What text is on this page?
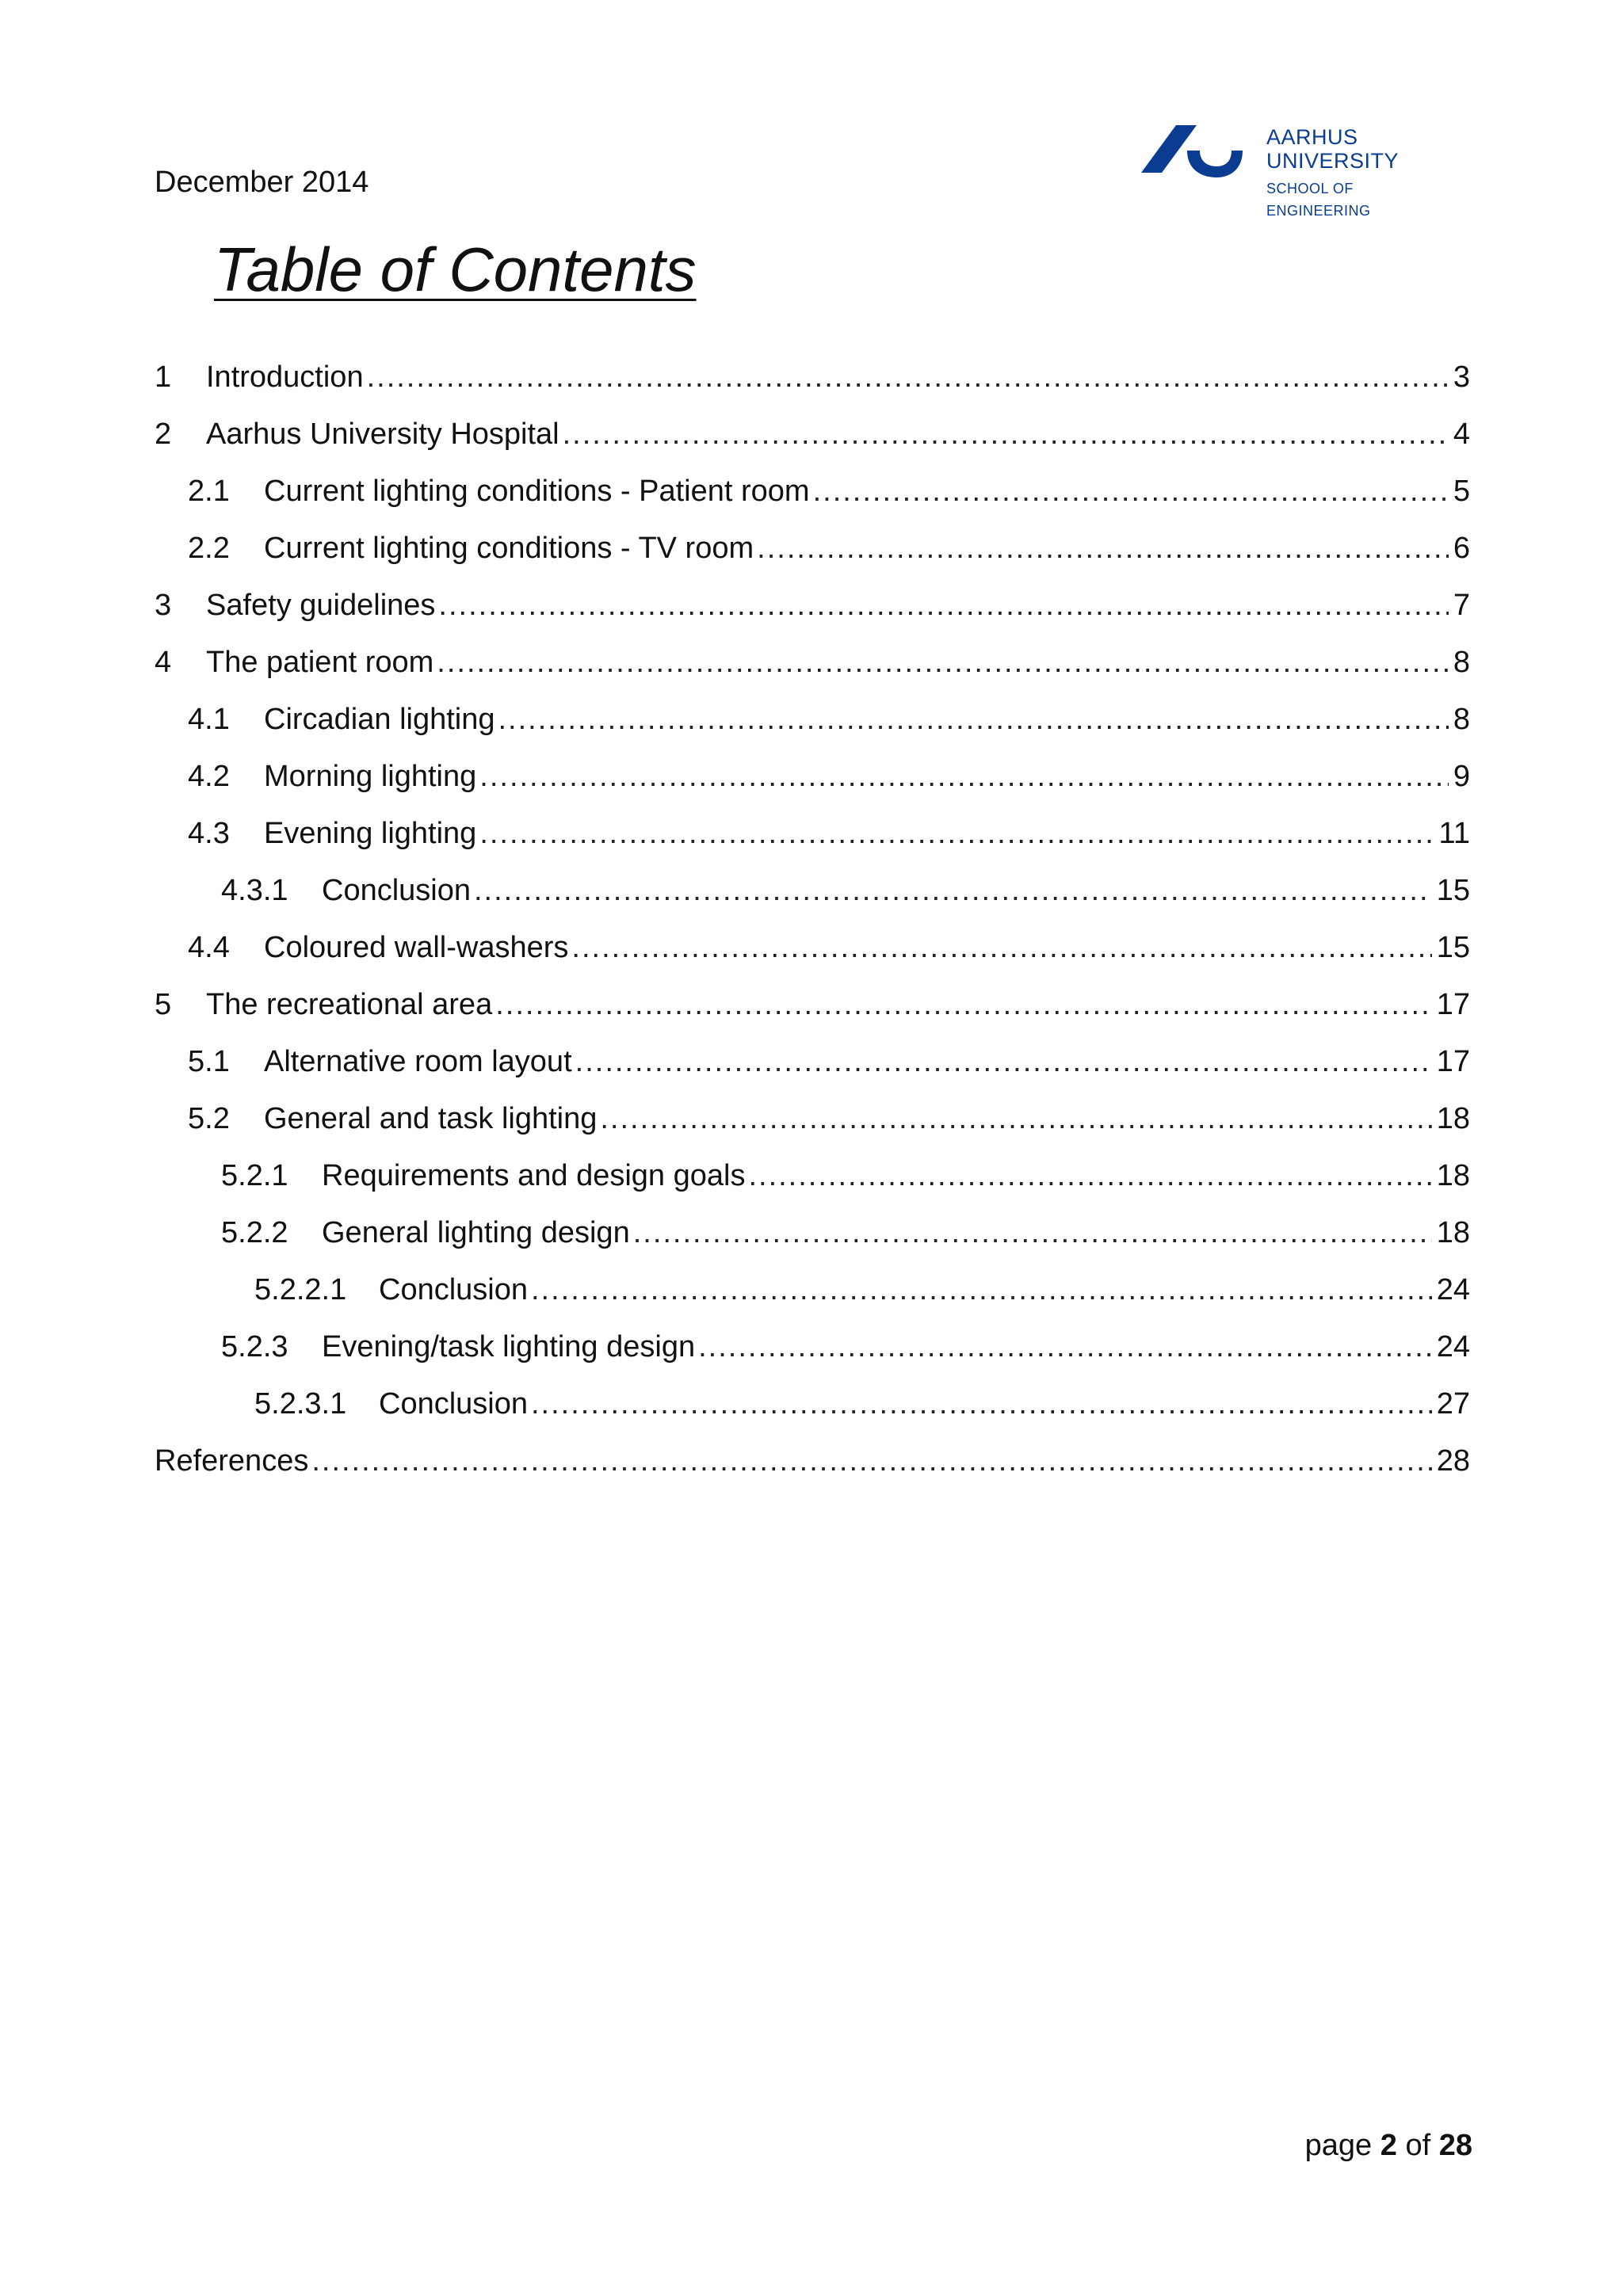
December 2014
AARHUS
UNIVERSITY
SCHOOL OF ENGINEERING
Table of Contents
1	Introduction .....	3
2	Aarhus University Hospital .....	4
2.1	Current lighting conditions - Patient room .....	5
2.2	Current lighting conditions - TV room .....	6
3	Safety guidelines .....	7
4	The patient room .....	8
4.1	Circadian lighting .....	8
4.2	Morning lighting .....	9
4.3	Evening lighting .....	11
4.3.1	Conclusion .....	15
4.4	Coloured wall-washers .....	15
5	The recreational area .....	17
5.1	Alternative room layout .....	17
5.2	General and task lighting .....	18
5.2.1	Requirements and design goals .....	18
5.2.2	General lighting design .....	18
5.2.2.1	Conclusion .....	24
5.2.3	Evening/task lighting design .....	24
5.2.3.1	Conclusion .....	27
References .....	28
page 2 of 28
